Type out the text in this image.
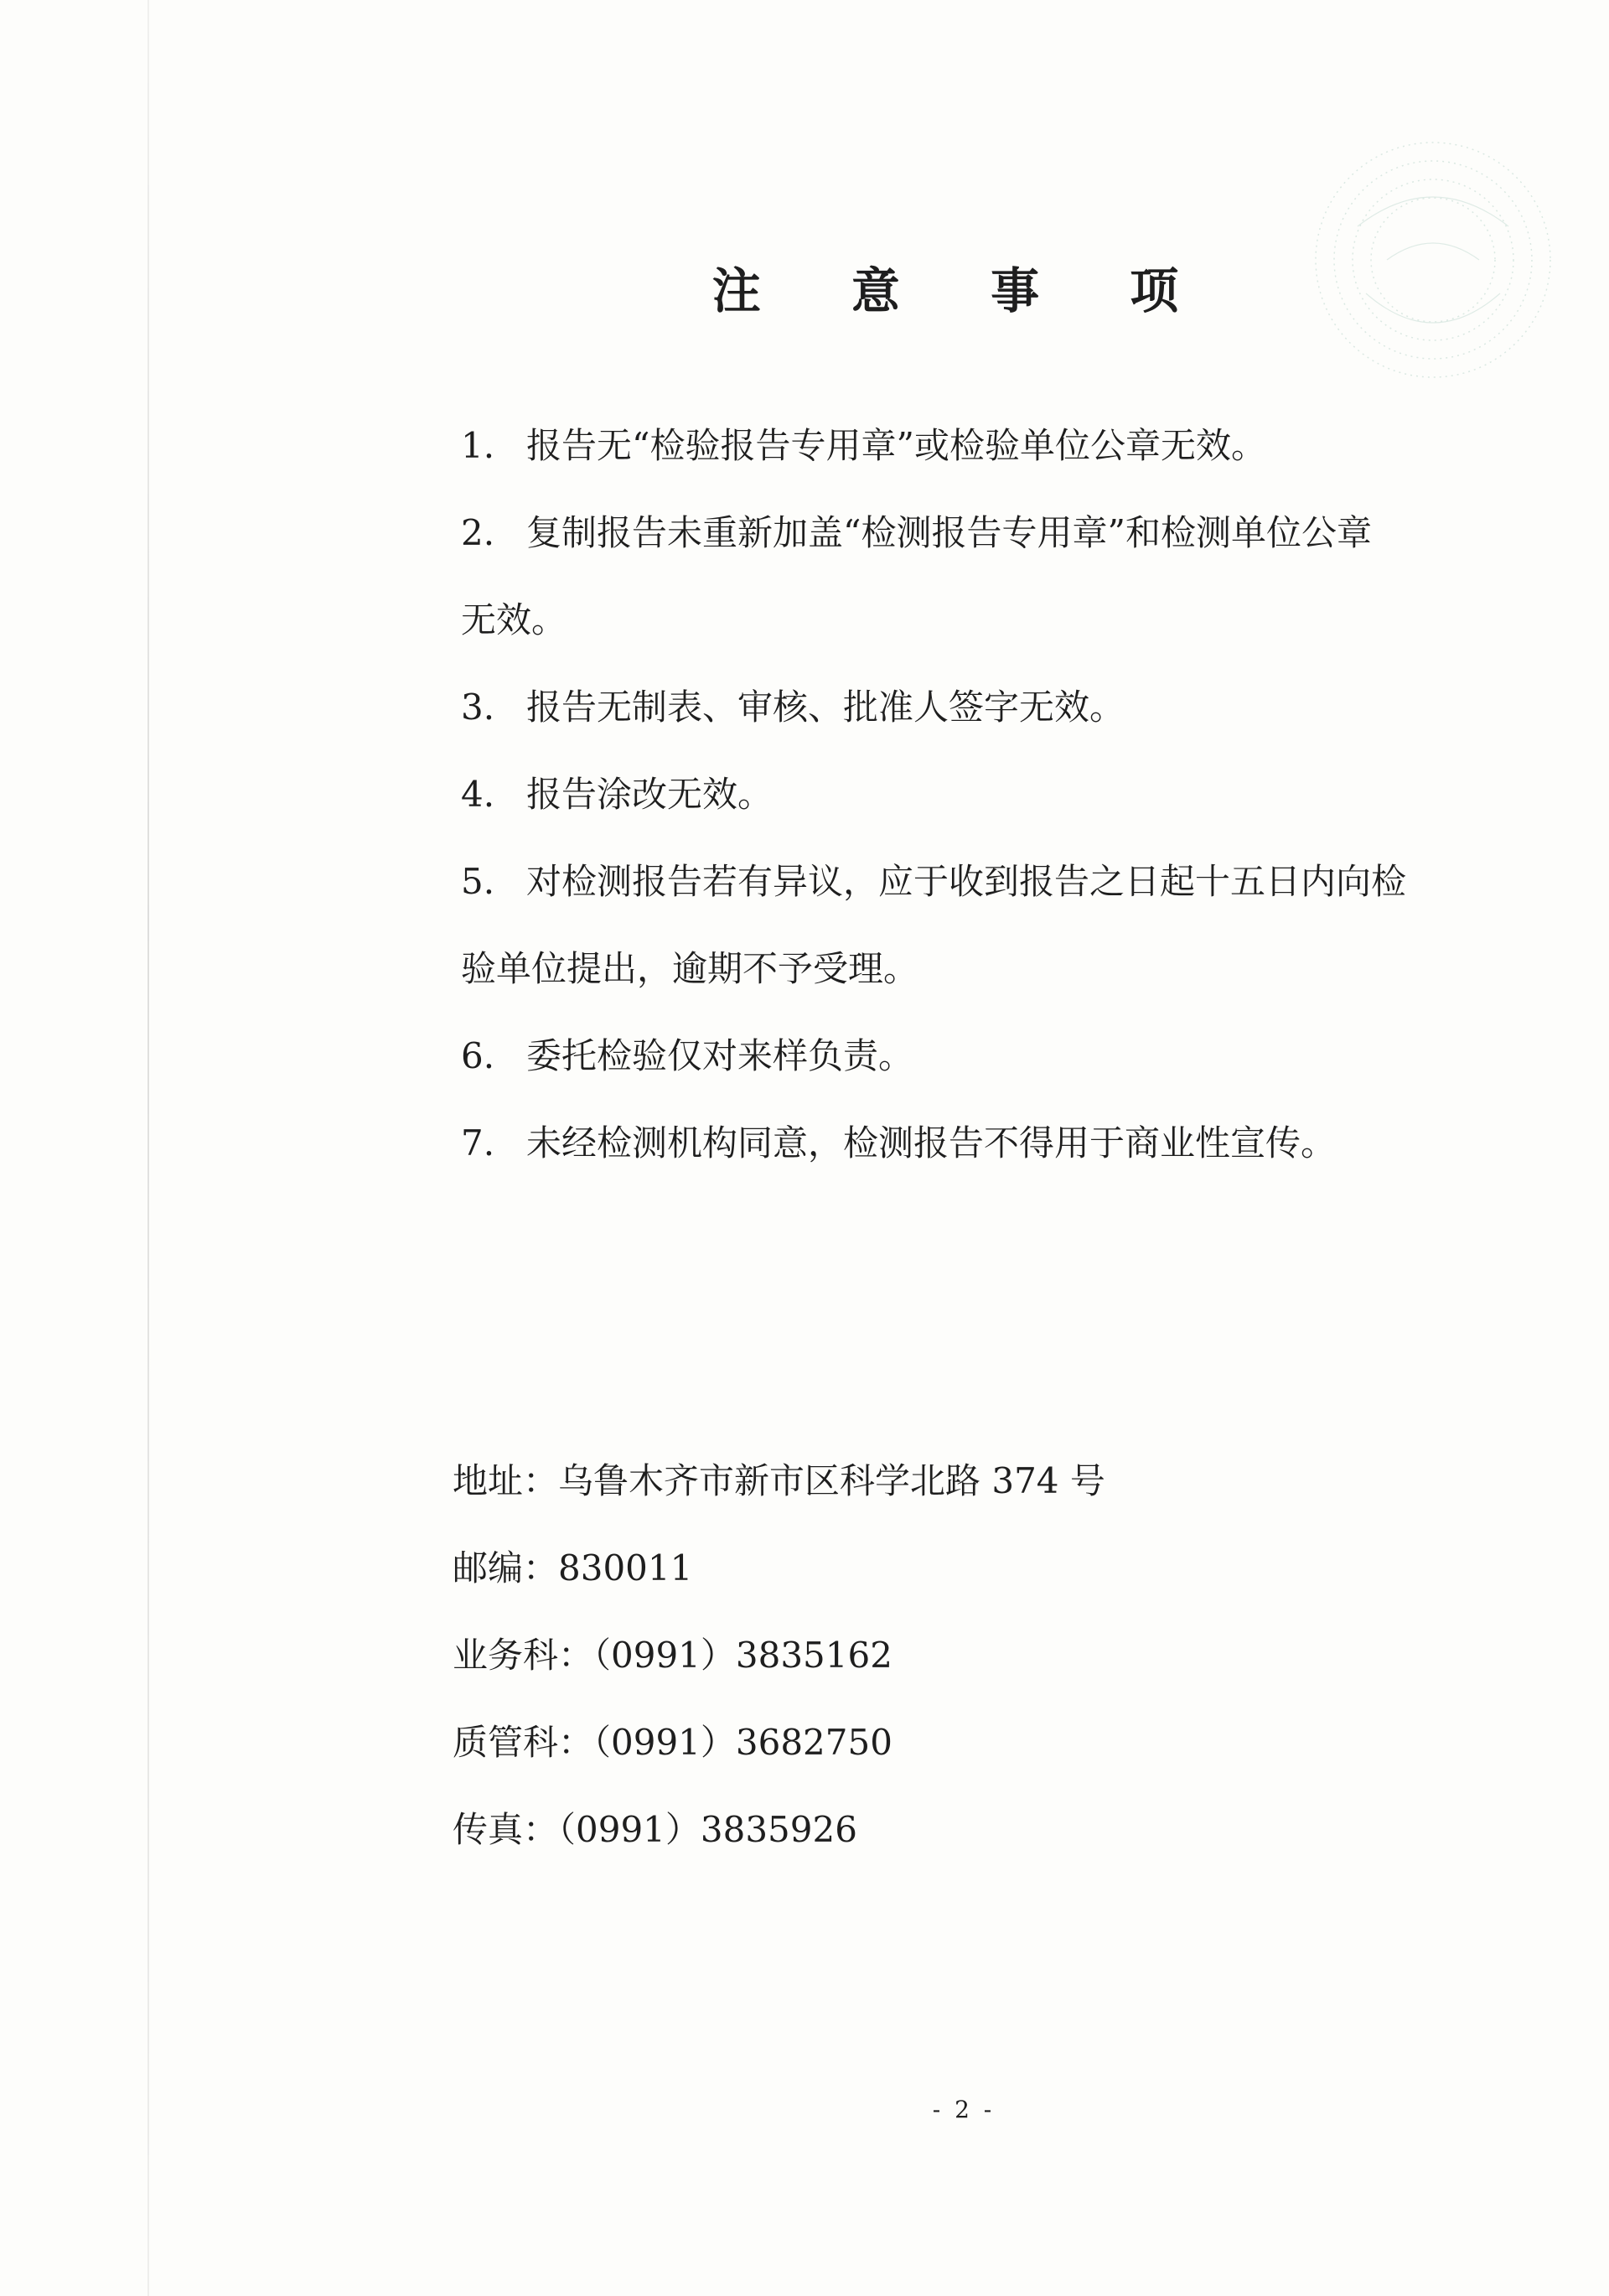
注 意 事 项

1. 报告无“检验报告专用章”或检验单位公章无效。

2. 复制报告未重新加盖“检测报告专用章”和检测单位公章

无效。

3. 报告无制表、审核、批准人签字无效。

4. 报告涂改无效。

5. 对检测报告若有异议，应于收到报告之日起十五日内向检

验单位提出，逾期不予受理。

6. 委托检验仅对来样负责。

7. 未经检测机构同意，检测报告不得用于商业性宣传。

地址：乌鲁木齐市新市区科学北路 374 号

邮编：830011

业务科：（0991）3835162

质管科：（0991）3682750

传真：（0991）3835926

- 2 -
